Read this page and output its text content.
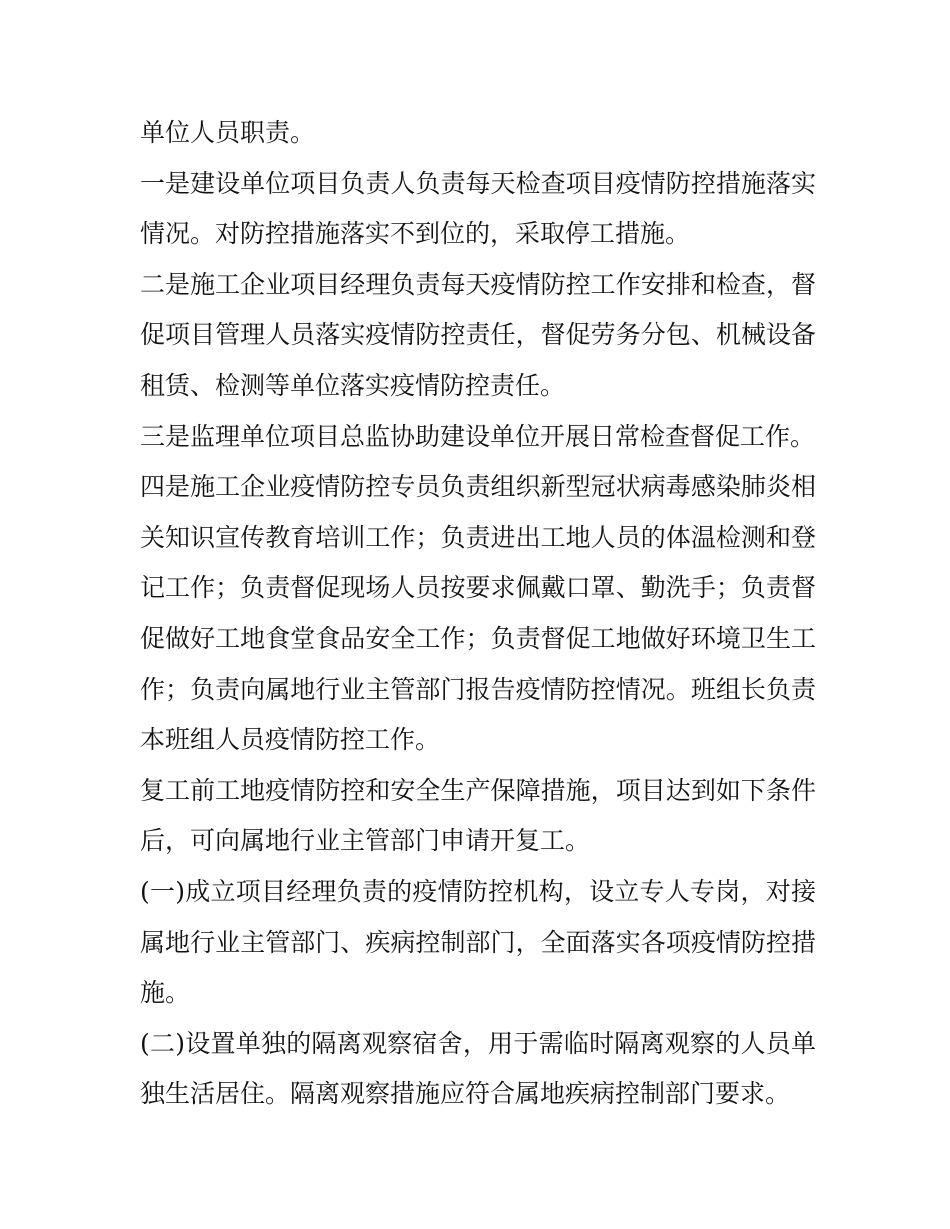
单位人员职责。

一是建设单位项目负责人负责每天检查项目疫情防控措施落实情况。对防控措施落实不到位的，采取停工措施。

二是施工企业项目经理负责每天疫情防控工作安排和检查，督促项目管理人员落实疫情防控责任，督促劳务分包、机械设备租赁、检测等单位落实疫情防控责任。

三是监理单位项目总监协助建设单位开展日常检查督促工作。

四是施工企业疫情防控专员负责组织新型冠状病毒感染肺炎相关知识宣传教育培训工作；负责进出工地人员的体温检测和登记工作；负责督促现场人员按要求佩戴口罩、勤洗手；负责督促做好工地食堂食品安全工作；负责督促工地做好环境卫生工作；负责向属地行业主管部门报告疫情防控情况。班组长负责本班组人员疫情防控工作。

复工前工地疫情防控和安全生产保障措施，项目达到如下条件后，可向属地行业主管部门申请开复工。

(一)成立项目经理负责的疫情防控机构，设立专人专岗，对接属地行业主管部门、疾病控制部门，全面落实各项疫情防控措施。

(二)设置单独的隔离观察宿舍，用于需临时隔离观察的人员单独生活居住。隔离观察措施应符合属地疾病控制部门要求。
